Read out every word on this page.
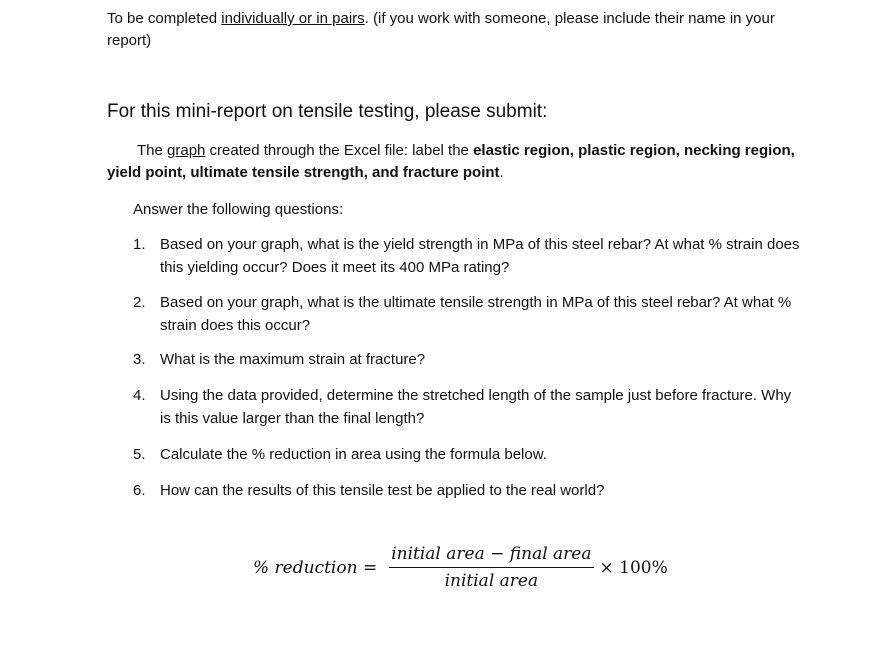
To be completed individually or in pairs. (if you work with someone, please include their name in your report)
For this mini-report on tensile testing, please submit:
The graph created through the Excel file: label the elastic region, plastic region, necking region, yield point, ultimate tensile strength, and fracture point.
Answer the following questions:
1. Based on your graph, what is the yield strength in MPa of this steel rebar? At what % strain does this yielding occur? Does it meet its 400 MPa rating?
2. Based on your graph, what is the ultimate tensile strength in MPa of this steel rebar? At what % strain does this occur?
3. What is the maximum strain at fracture?
4. Using the data provided, determine the stretched length of the sample just before fracture. Why is this value larger than the final length?
5. Calculate the % reduction in area using the formula below.
6. How can the results of this tensile test be applied to the real world?
% reduction = $\frac{\text{initial area − final area}}{\text{initial area}} \times 100\%$
